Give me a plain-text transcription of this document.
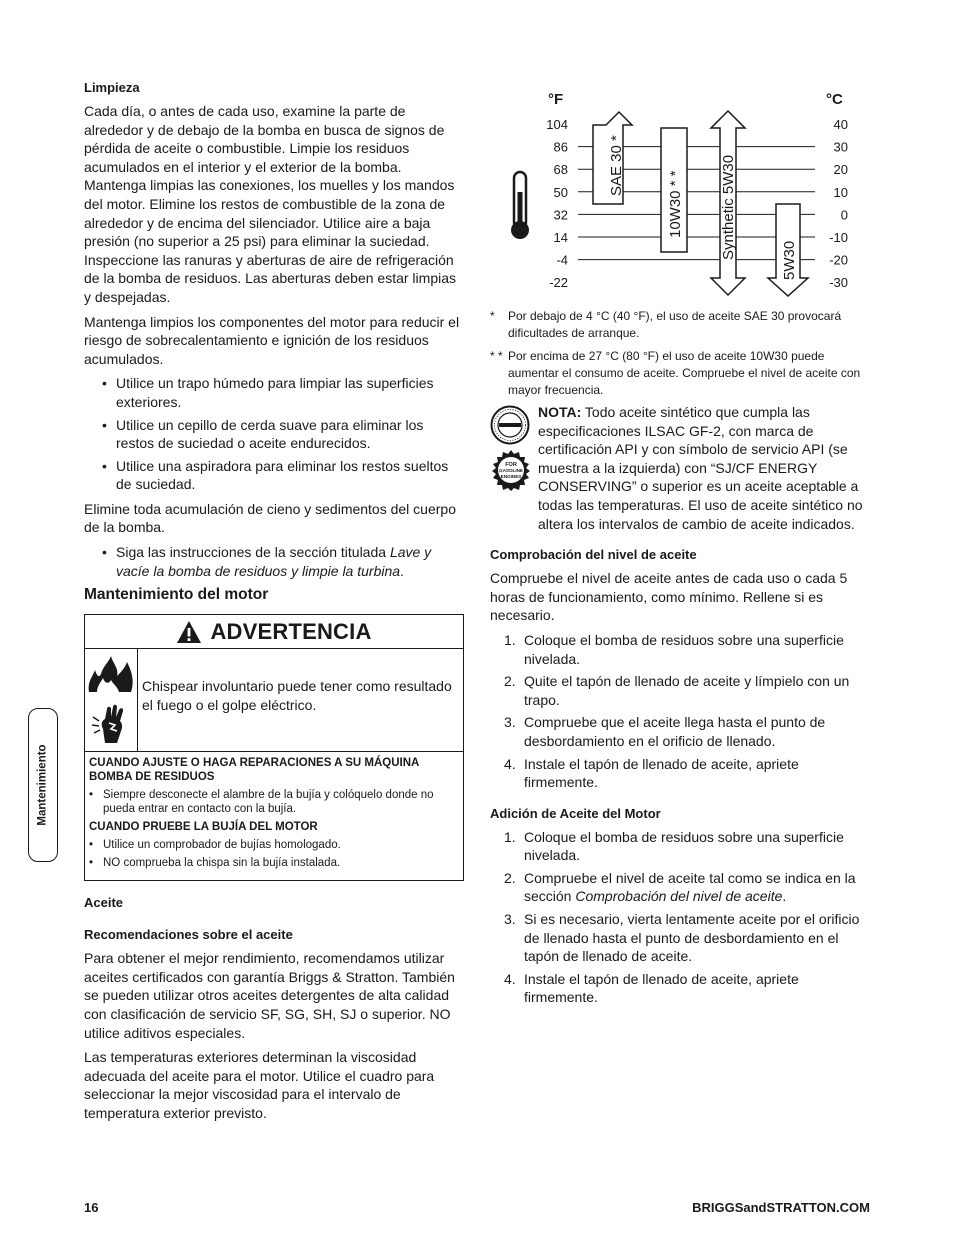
Limpieza

Cada día, o antes de cada uso, examine la parte de alrededor y de debajo de la bomba en busca de signos de pérdida de aceite o combustible. Limpie los residuos acumulados en el interior y el exterior de la bomba. Mantenga limpias las conexiones, los muelles y los mandos del motor. Elimine los restos de combustible de la zona de alrededor y de encima del silenciador. Utilice aire a baja presión (no superior a 25 psi) para eliminar la suciedad. Inspeccione las ranuras y aberturas de aire de refrigeración de la bomba de residuos. Las aberturas deben estar limpias y despejadas.

Mantenga limpios los componentes del motor para reducir el riesgo de sobrecalentamiento e ignición de los residuos acumulados.

• Utilice un trapo húmedo para limpiar las superficies exteriores.
• Utilice un cepillo de cerda suave para eliminar los restos de suciedad o aceite endurecidos.
• Utilice una aspiradora para eliminar los restos sueltos de suciedad.

Elimine toda acumulación de cieno y sedimentos del cuerpo de la bomba.

• Siga las instrucciones de la sección titulada Lave y vacíe la bomba de residuos y limpie la turbina.
Mantenimiento del motor
ADVERTENCIA
Chispear involuntario puede tener como resultado el fuego o el golpe eléctrico.
CUANDO AJUSTE O HAGA REPARACIONES A SU MÁQUINA BOMBA DE RESIDUOS
• Siempre desconecte el alambre de la bujía y colóquelo donde no pueda entrar en contacto con la bujía.
CUANDO PRUEBE LA BUJÍA DEL MOTOR
• Utilice un comprobador de bujías homologado.
• NO comprueba la chispa sin la bujía instalada.
Aceite
Recomendaciones sobre el aceite

Para obtener el mejor rendimiento, recomendamos utilizar aceites certificados con garantía Briggs & Stratton. También se pueden utilizar otros aceites detergentes de alta calidad con clasificación de servicio SF, SG, SH, SJ o superior. NO utilice aditivos especiales.

Las temperaturas exteriores determinan la viscosidad adecuada del aceite para el motor. Utilice el cuadro para seleccionar la mejor viscosidad para el intervalo de temperatura exterior previsto.

°F	°C
104
86
68
50
32
14
-4
-22
40
30
20
10
0
-10
-20
-30
SAE 30 *
10W30 * * Synthetic 5W30
5W30
*	Por debajo de 4 °C (40 °F), el uso de aceite SAE 30 provocará dificultades de arranque.
* * Por encima de 27 °C (80 °F) el uso de aceite 10W30 puede aumentar el consumo de aceite. Compruebe el nivel de aceite con mayor frecuencia.
FOR
GASOLINE
ENGINES
NOTA: Todo aceite sintético que cumpla las especificaciones ILSAC GF-2, con marca de certificación API y con símbolo de servicio API (se muestra a la izquierda) con “SJ/CF ENERGY CONSERVING” o superior es un aceite aceptable a todas las temperaturas. El uso de aceite sintético no altera los intervalos de cambio de aceite indicados.
Comprobación del nivel de aceite

Compruebe el nivel de aceite antes de cada uso o cada 5 horas de funcionamiento, como mínimo. Rellene si es necesario.

1. Coloque el bomba de residuos sobre una superficie nivelada.
2. Quite el tapón de llenado de aceite y límpielo con un trapo.
3. Compruebe que el aceite llega hasta el punto de desbordamiento en el orificio de llenado.
4. Instale el tapón de llenado de aceite, apriete firmemente.
Adición de Aceite del Motor
1. Coloque el bomba de residuos sobre una superficie nivelada.
2. Compruebe el nivel de aceite tal como se indica en la sección Comprobación del nivel de aceite.
3. Si es necesario, vierta lentamente aceite por el orificio de llenado hasta el punto de desbordamiento en el tapón de llenado de aceite.
4. Instale el tapón de llenado de aceite, apriete firmemente.
Mantenimiento
16	BRIGGSandSTRATTON.COM
